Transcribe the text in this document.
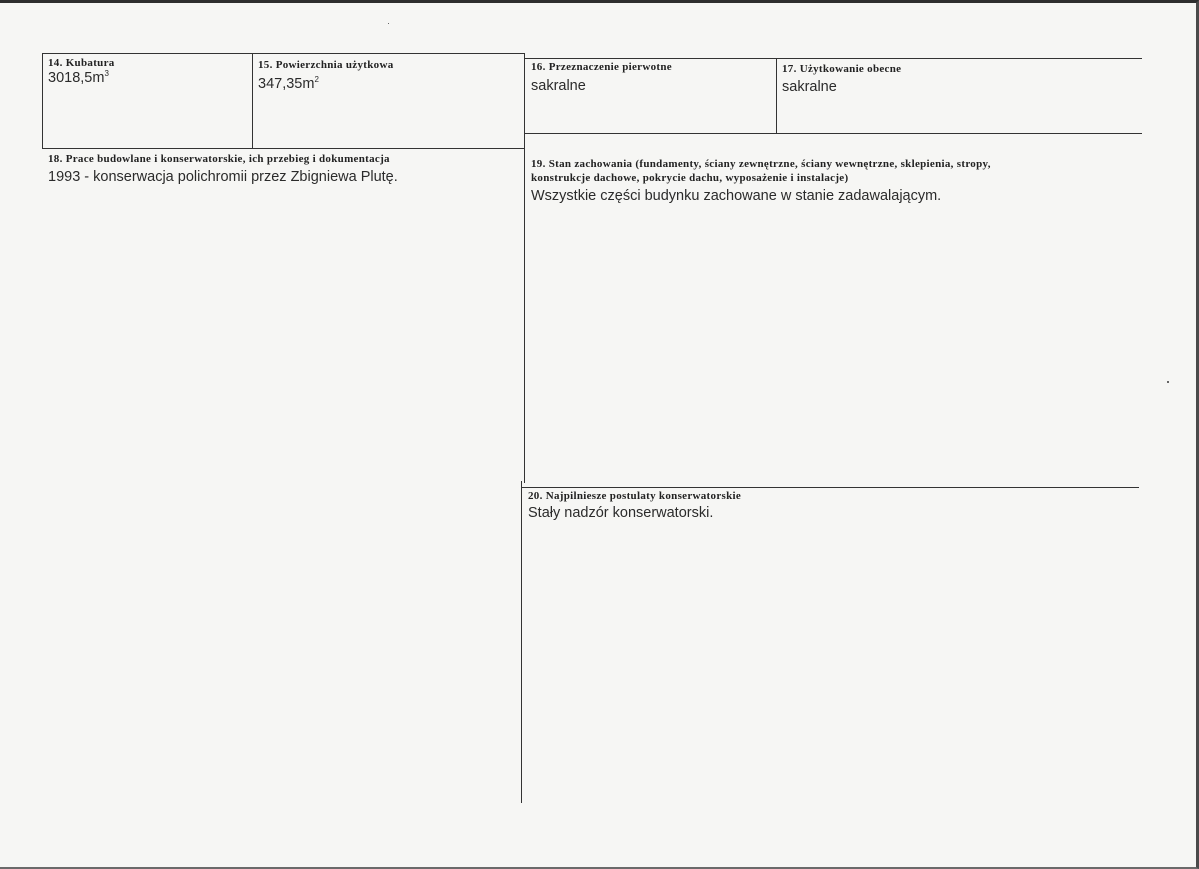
14. Kubatura
$3018,5m^3$
15. Powierzchnia użytkowa
$347,35m^2$
16. Przeznaczenie pierwotne
sakralne
17. Użytkowanie obecne
sakralne
18. Prace budowlane i konserwatorskie, ich przebieg i dokumentacja
1993 - konserwacja polichromii przez Zbigniewa Plutę.
19. Stan zachowania (fundamenty, ściany zewnętrzne, ściany wewnętrzne, sklepienia, stropy,
konstrukcje dachowe, pokrycie dachu, wyposażenie i instalacje)
Wszystkie części budynku zachowane w stanie zadawalającym.
20. Najpilniesze postulaty konserwatorskie
Stały nadzór konserwatorski.
